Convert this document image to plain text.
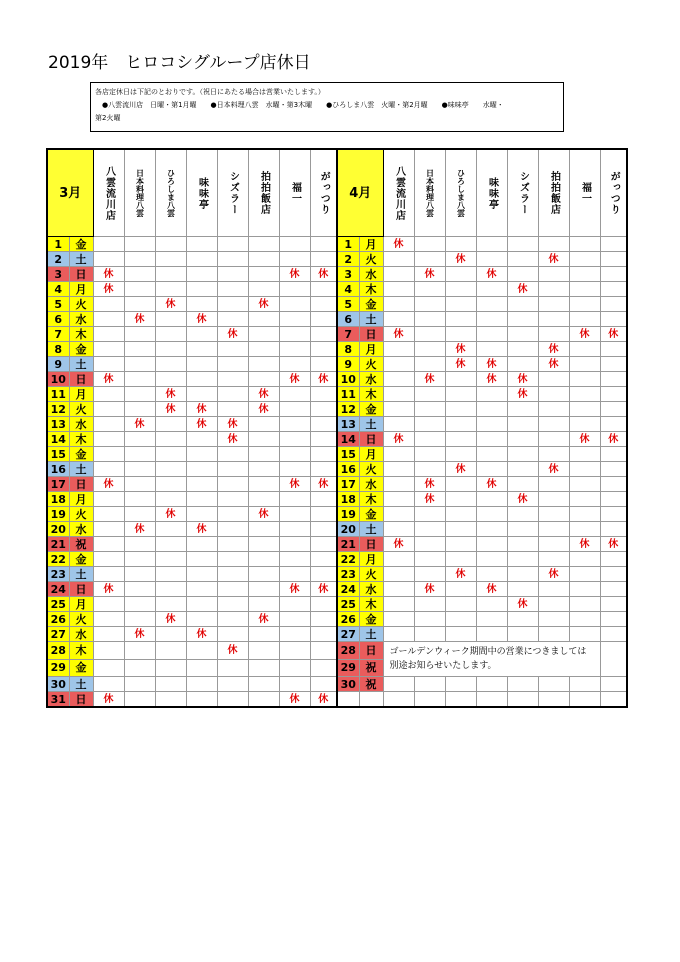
2019年　ヒロコシグループ店休日
各店定休日は下記のとおりです。（祝日にあたる場合は営業いたします。）
　●八雲流川店　日曜・第1月曜　　●日本料理八雲　水曜・第3木曜　　●ひろしま八雲　火曜・第2月曜　　●味味亭　　水曜・
第2火曜
3月		八雲流川店	日本料理八雲	ひろしま八雲	味味亭	シズラー	拍拍飯店	福一	がっつり	4月		八雲流川店	日本料理八雲	ひろしま八雲	味味亭	シズラー	拍拍飯店	福一	がっつり

1	金									1	月	休							
2	土									2	火			休			休		
3	日	休						休	休	3	水		休		休				
4	月	休								4	木					休			
5	火			休			休			5	金								
6	水		休		休					6	土								
7	木					休				7	日	休						休	休
8	金									8	月			休			休		
9	土									9	火			休	休		休		
10	日	休						休	休	10	水		休		休	休			
11	月			休			休			11	木					休			
12	火			休	休		休			12	金								
13	水		休		休	休				13	土								
14	木					休				14	日	休						休	休
15	金									15	月								
16	土									16	火			休			休		
17	日	休						休	休	17	水		休		休				
18	月									18	木		休			休			
19	火			休			休			19	金								
20	水		休		休					20	土								
21	祝									21	日	休						休	休
22	金									22	月								
23	土									23	火			休			休		
24	日	休						休	休	24	水		休		休				
25	月									25	木					休			
26	火			休			休			26	金								
27	水		休		休					27	土								
28	木					休				28	日	ゴールデンウィーク期間中の営業につきましては別途お知らせいたします。							
29	金									29	祝								
30	土									30	祝								
31	日	休						休	休										
